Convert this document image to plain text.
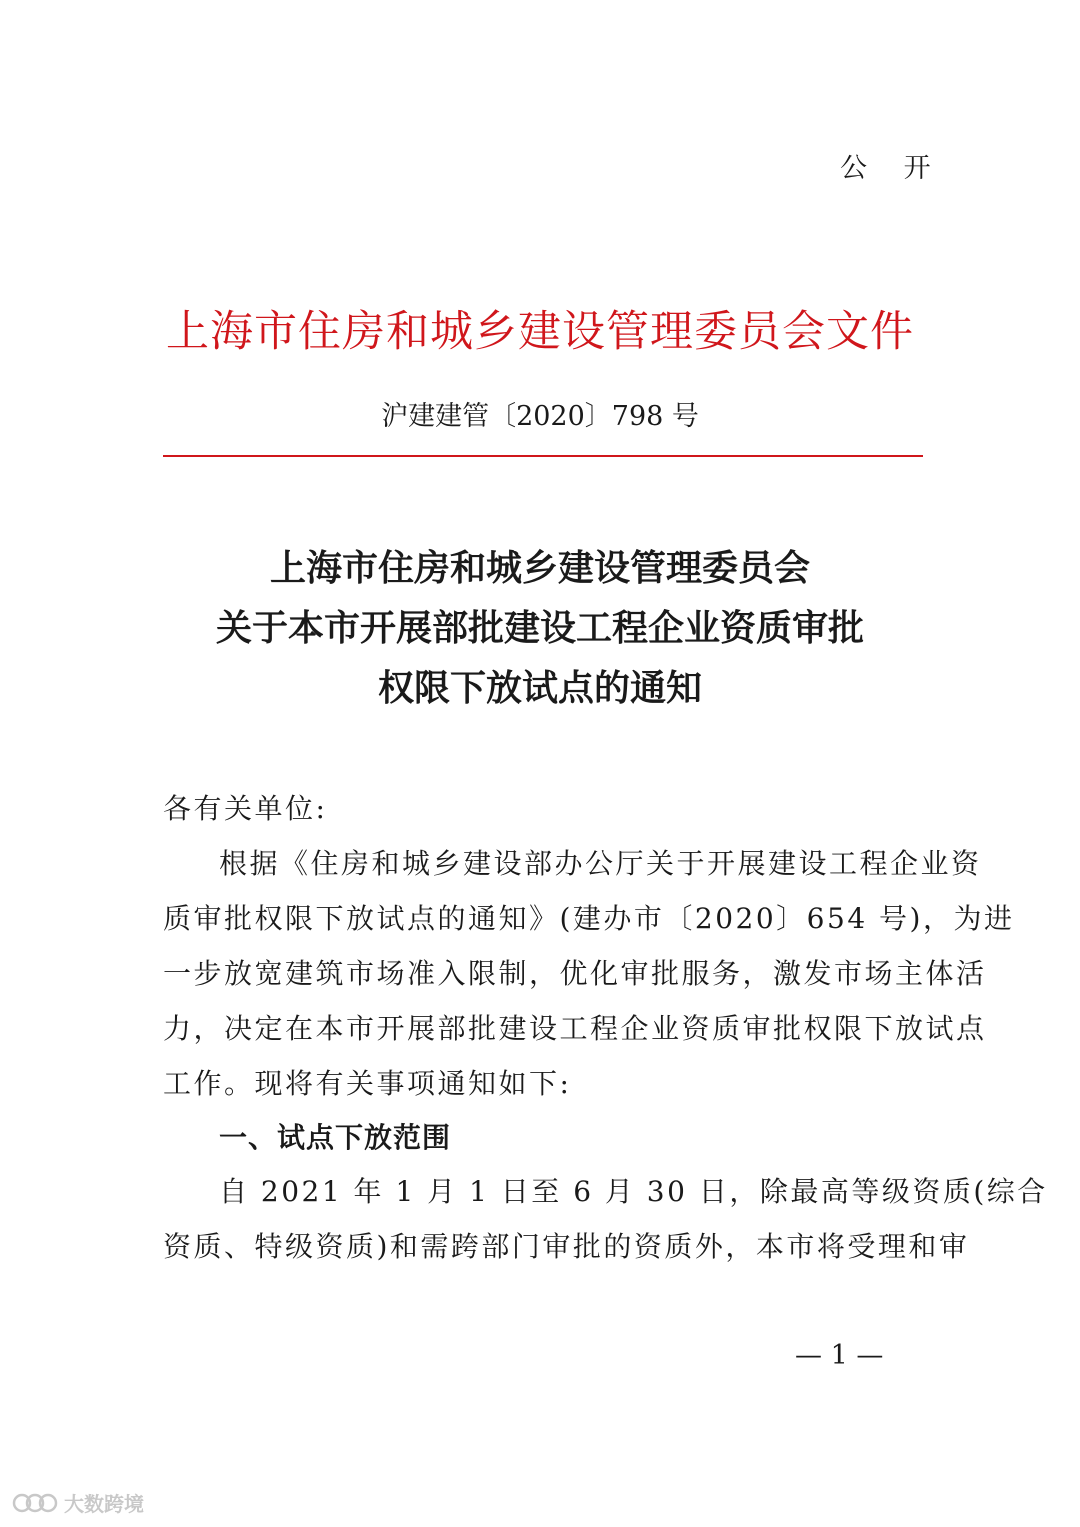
公 开
上海市住房和城乡建设管理委员会文件
沪建建管〔2020〕798 号
上海市住房和城乡建设管理委员会
关于本市开展部批建设工程企业资质审批
权限下放试点的通知
各有关单位:
根据《住房和城乡建设部办公厅关于开展建设工程企业资
质审批权限下放试点的通知》(建办市〔2020〕654 号)，为进
一步放宽建筑市场准入限制，优化审批服务，激发市场主体活
力，决定在本市开展部批建设工程企业资质审批权限下放试点
工作。现将有关事项通知如下:
一、试点下放范围
自 2021 年 1 月 1 日至 6 月 30 日，除最高等级资质(综合
资质、特级资质)和需跨部门审批的资质外，本市将受理和审
— 1 —
大数跨境
